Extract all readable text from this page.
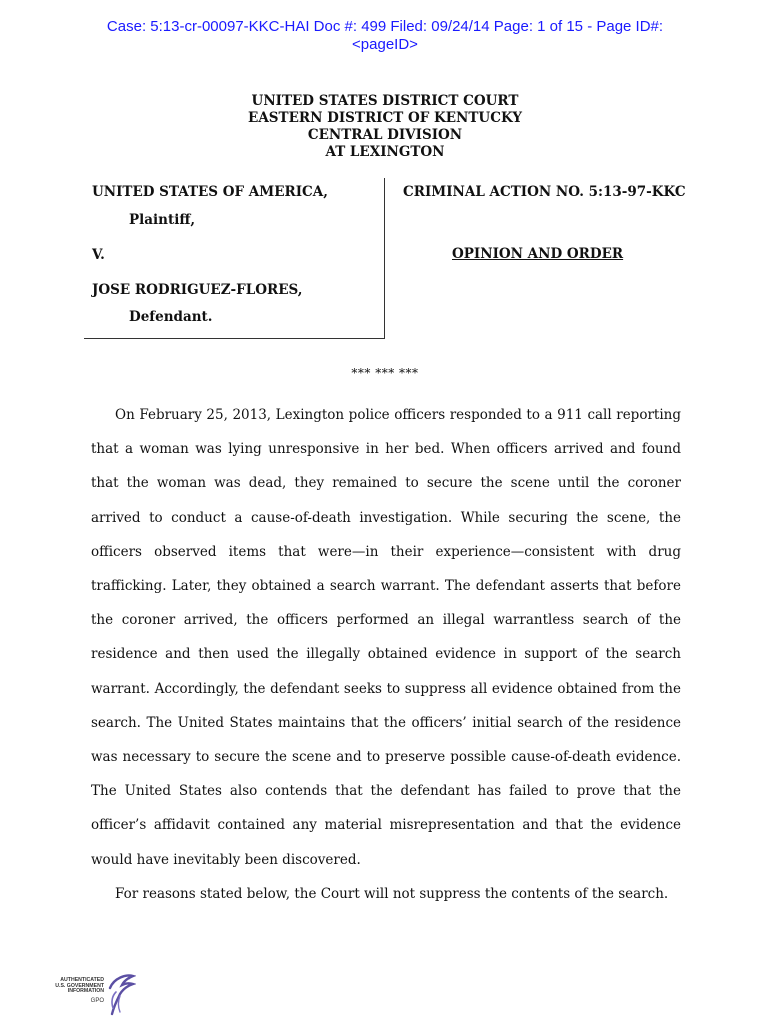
Case: 5:13-cr-00097-KKC-HAI Doc #: 499 Filed: 09/24/14 Page: 1 of 15 - Page ID#:
<pageID>
UNITED STATES DISTRICT COURT
EASTERN DISTRICT OF KENTUCKY
CENTRAL DIVISION
AT LEXINGTON
UNITED STATES OF AMERICA,
Plaintiff,
V.
JOSE RODRIGUEZ-FLORES,
Defendant.
CRIMINAL ACTION NO. 5:13-97-KKC
OPINION AND ORDER
*** *** ***

On February 25, 2013, Lexington police officers responded to a 911 call reporting that a woman was lying unresponsive in her bed. When officers arrived and found that the woman was dead, they remained to secure the scene until the coroner arrived to conduct a cause-of-death investigation. While securing the scene, the officers observed items that were—in their experience—consistent with drug trafficking. Later, they obtained a search warrant. The defendant asserts that before the coroner arrived, the officers performed an illegal warrantless search of the residence and then used the illegally obtained evidence in support of the search warrant. Accordingly, the defendant seeks to suppress all evidence obtained from the search. The United States maintains that the officers’ initial search of the residence was necessary to secure the scene and to preserve possible cause-of-death evidence. The United States also contends that the defendant has failed to prove that the officer’s affidavit contained any material misrepresentation and that the evidence would have inevitably been discovered.

For reasons stated below, the Court will not suppress the contents of the search.

AUTHENTICATED
U.S. GOVERNMENT
INFORMATION
GPO
